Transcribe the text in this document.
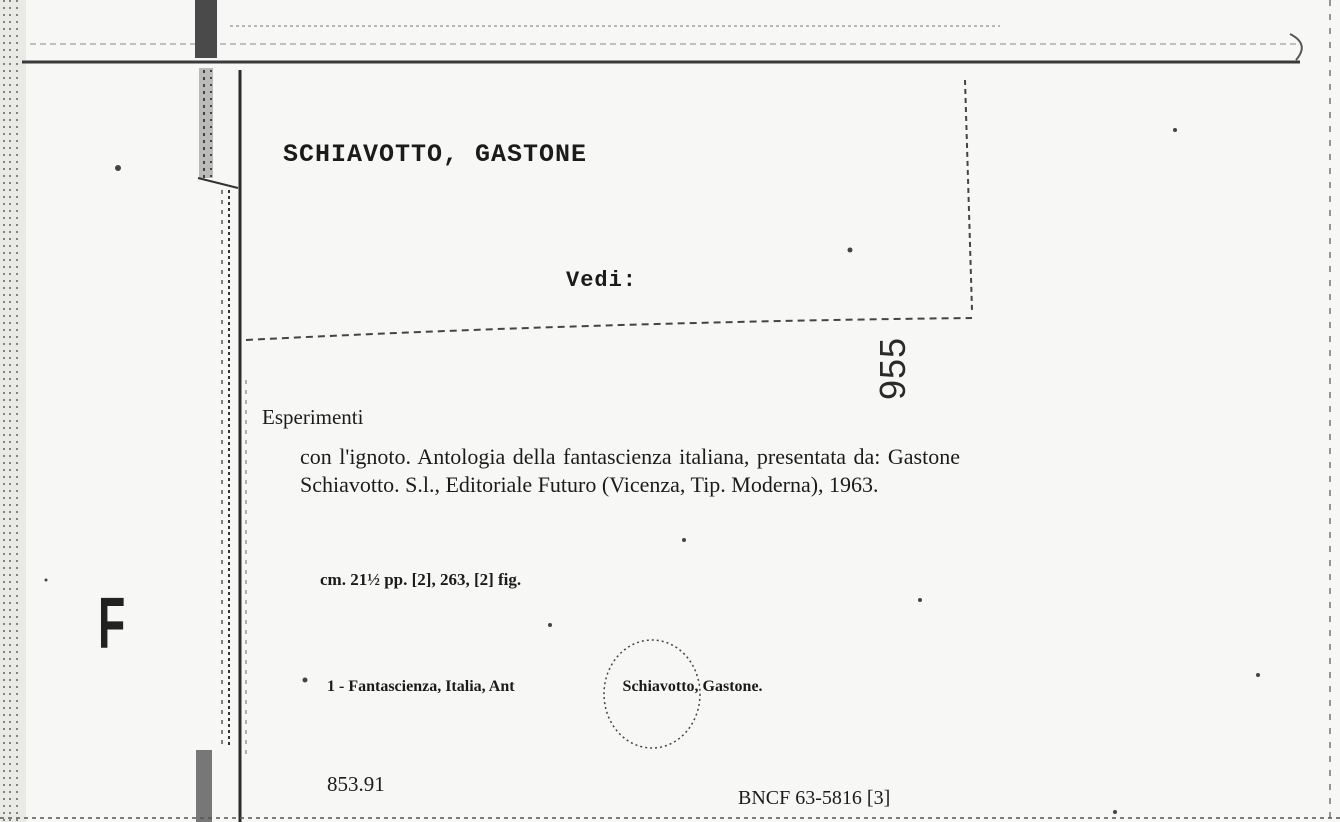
SCHIAVOTTO, GASTONE
Vedi:
955
Esperimenti
con l'ignoto. Antologia della fantascienza italiana, presentata da: Gastone Schiavotto. S.l., Editoriale Futuro (Vicenza, Tip. Moderna), 1963.
cm. 21½ pp. [2], 263, [2] fig.
1 - Fantascienza, Italia, Ant	Schiavotto, Gastone.
853.91
BNCF 63-5816 [3]
F
